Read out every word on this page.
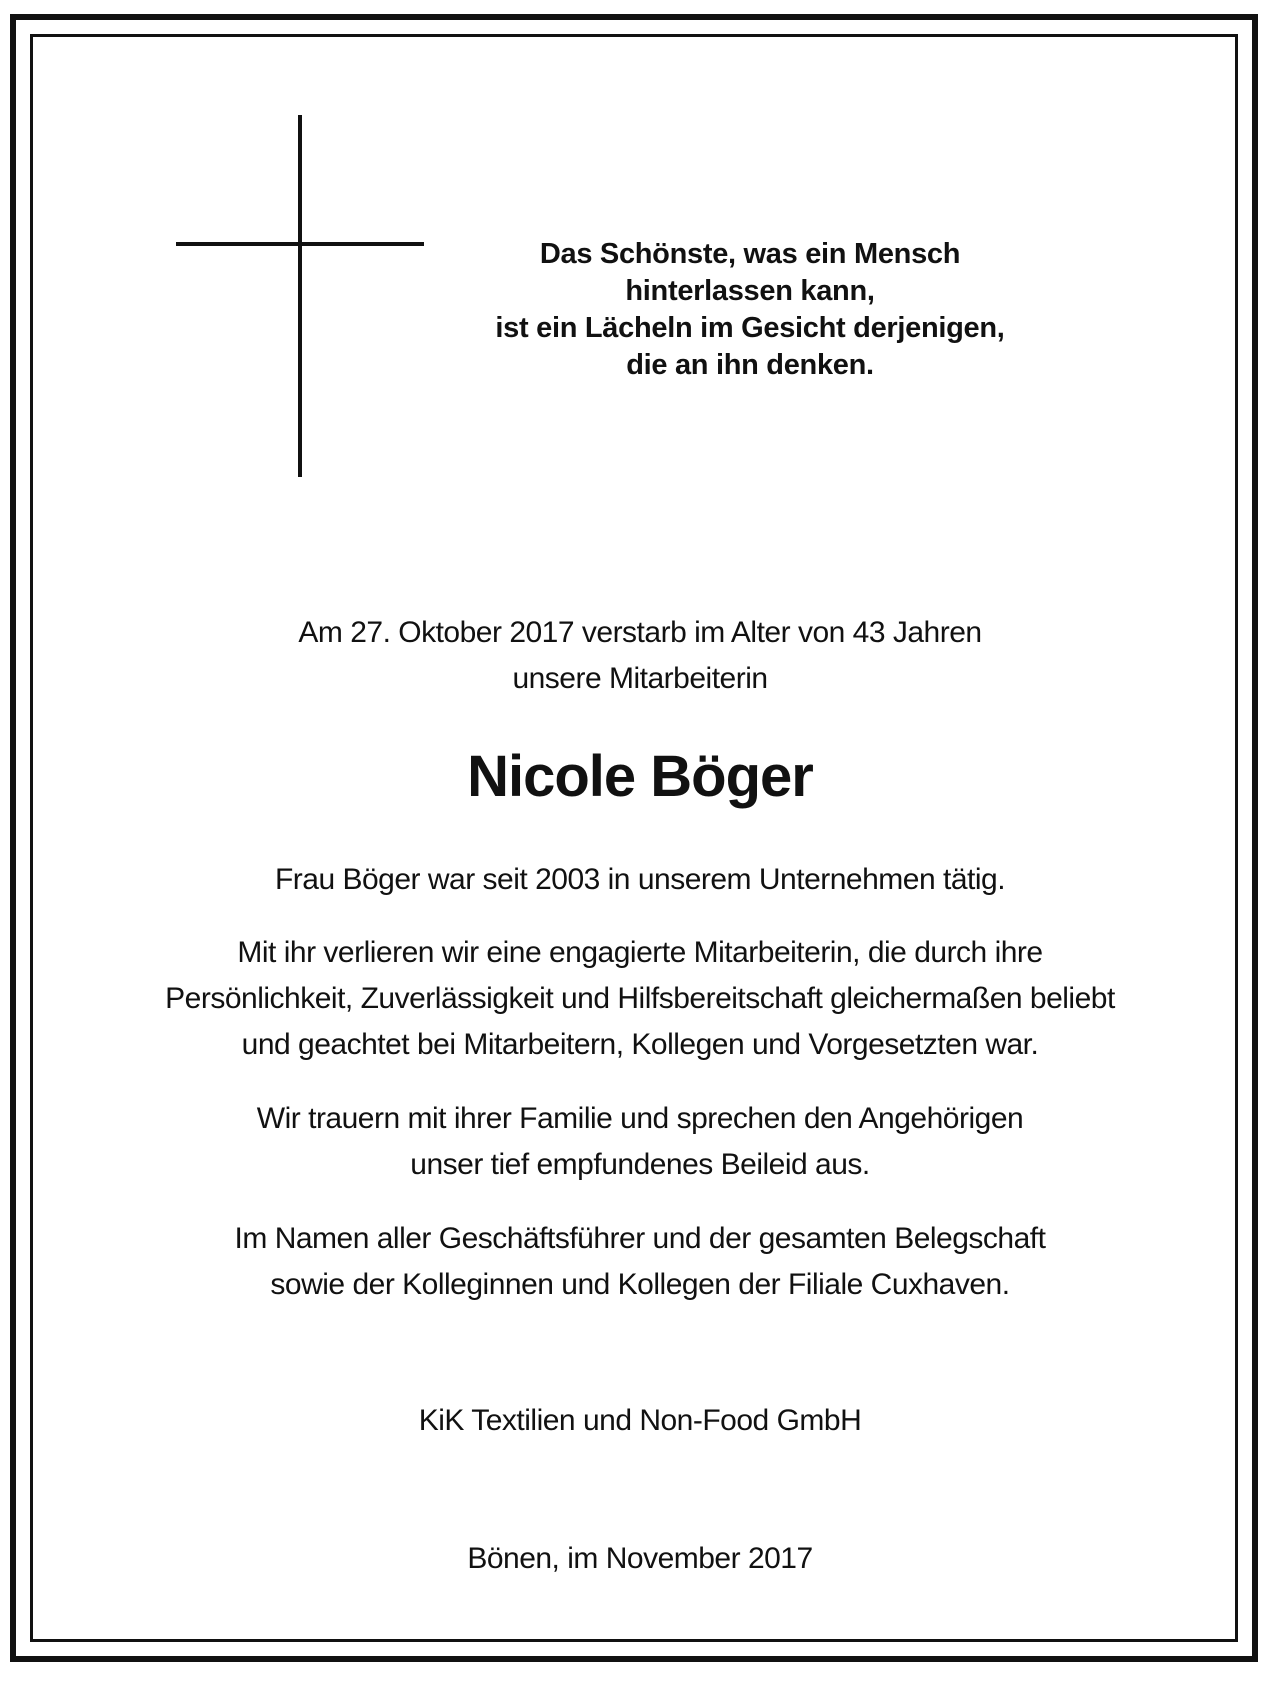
Das Schönste, was ein Mensch
hinterlassen kann,
ist ein Lächeln im Gesicht derjenigen,
die an ihn denken.
Am 27. Oktober 2017 verstarb im Alter von 43 Jahren
unsere Mitarbeiterin
Nicole Böger
Frau Böger war seit 2003 in unserem Unternehmen tätig.
Mit ihr verlieren wir eine engagierte Mitarbeiterin, die durch ihre
Persönlichkeit, Zuverlässigkeit und Hilfsbereitschaft gleichermaßen beliebt
und geachtet bei Mitarbeitern, Kollegen und Vorgesetzten war.
Wir trauern mit ihrer Familie und sprechen den Angehörigen
unser tief empfundenes Beileid aus.
Im Namen aller Geschäftsführer und der gesamten Belegschaft
sowie der Kolleginnen und Kollegen der Filiale Cuxhaven.
KiK Textilien und Non-Food GmbH
Bönen, im November 2017
